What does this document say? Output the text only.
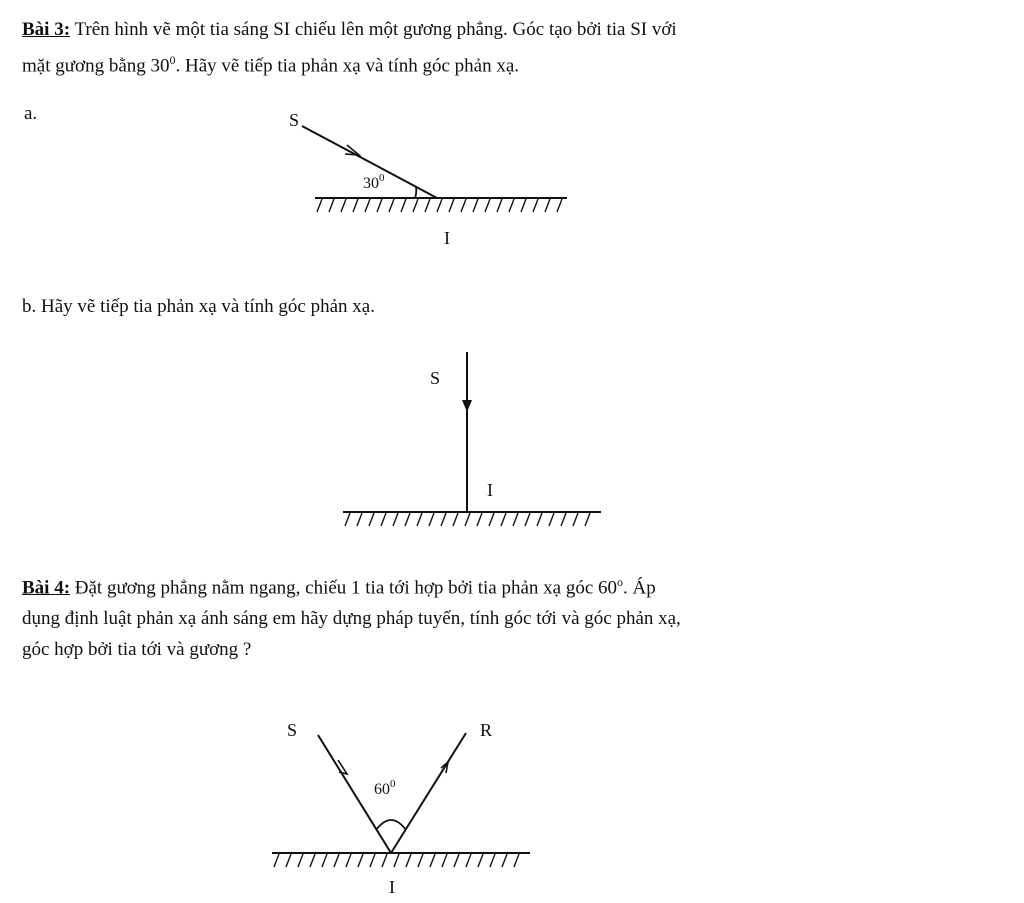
Bài 3: Trên hình vẽ một tia sáng SI chiếu lên một gương phẳng. Góc tạo bởi tia SI với
mặt gương bằng $30^0$. Hãy vẽ tiếp tia phản xạ và tính góc phản xạ.
a.
b. Hãy vẽ tiếp tia phản xạ và tính góc phản xạ.
Bài 4: Đặt gương phẳng nằm ngang, chiếu 1 tia tới hợp bởi tia phản xạ góc 60$^o$. Áp
dụng định luật phản xạ ánh sáng em hãy dựng pháp tuyến, tính góc tới và góc phản xạ,
góc hợp bởi tia tới và gương ?
S
$30^0$
I
S
I
S	R
$60^0$
I
